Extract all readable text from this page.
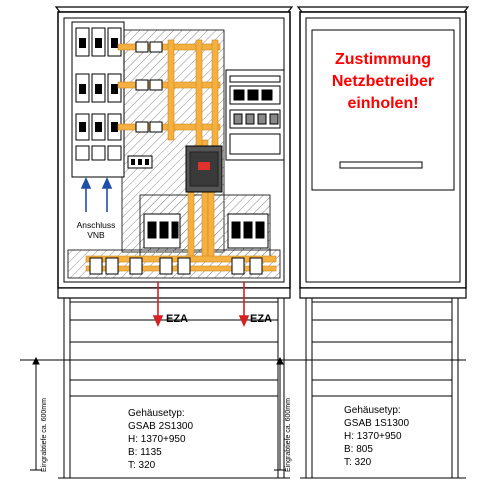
Anschluss
VNB
EZA	EZA
Eingrabtiefe ca. 600mm	Eingrabtiefe ca. 600mm
Gehäusetyp:
GSAB 2S1300
H: 1370+950
B: 1135
T: 320
Gehäusetyp:
GSAB 1S1300
H: 1370+950
B: 805
T: 320
Zustimmung
Netzbetreiber
einholen!
